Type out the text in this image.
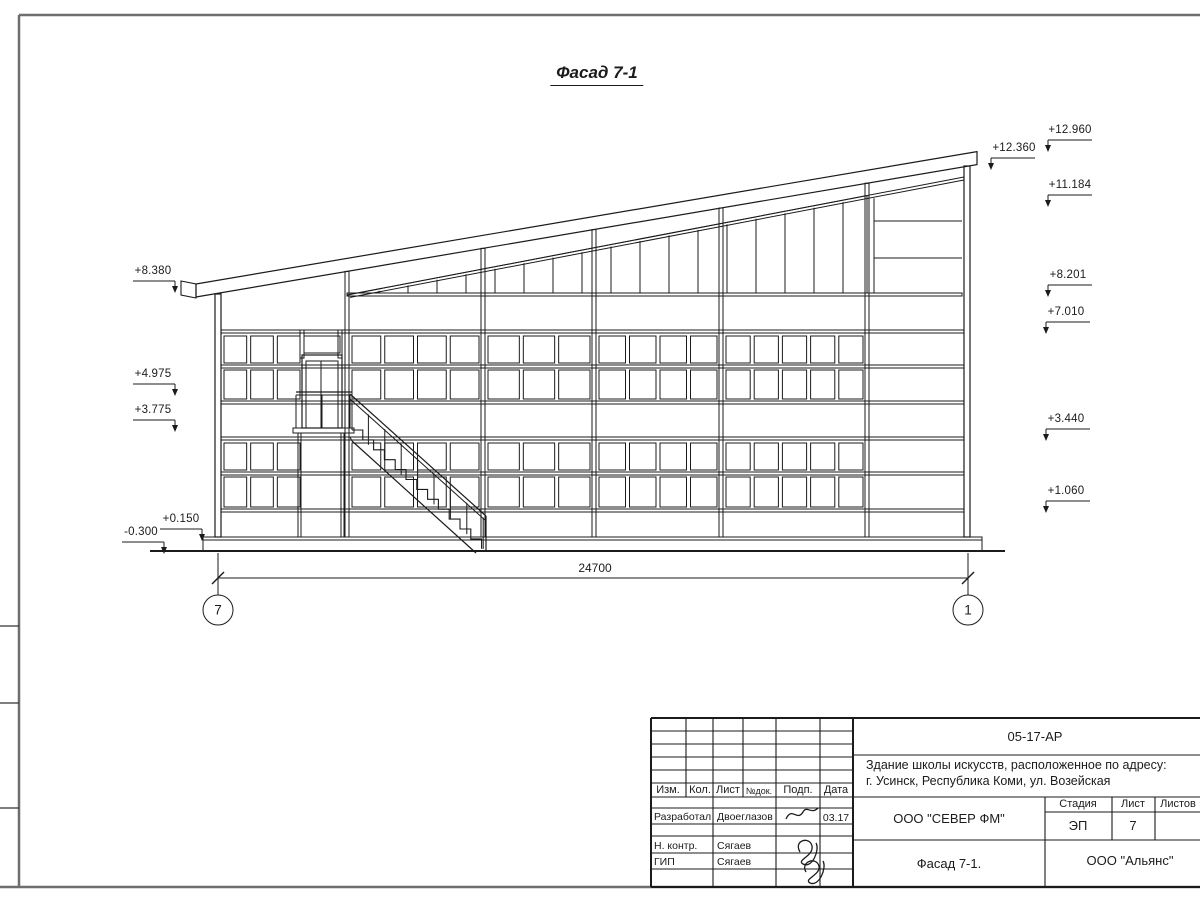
Фасад 7-1
+8.380
+4.975
+3.775
+0.150
-0.300
+12.960
+12.360
+11.184
+8.201
+7.010
+3.440
+1.060
24700
7	1
05-17-АР
Здание школы искусств, расположенное по адресу:
г. Усинск, Республика Коми, ул. Возейская
Изм. Кол. Лист №док. Подп. Дата
Разработал Двоеглазов	03.17
Н. контр. Сягаев
ГИП	Сягаев
ООО "СЕВЕР ФМ"
Стадия Лист Листов
ЭП	7
Фасад 7-1.	ООО "Альянс"
